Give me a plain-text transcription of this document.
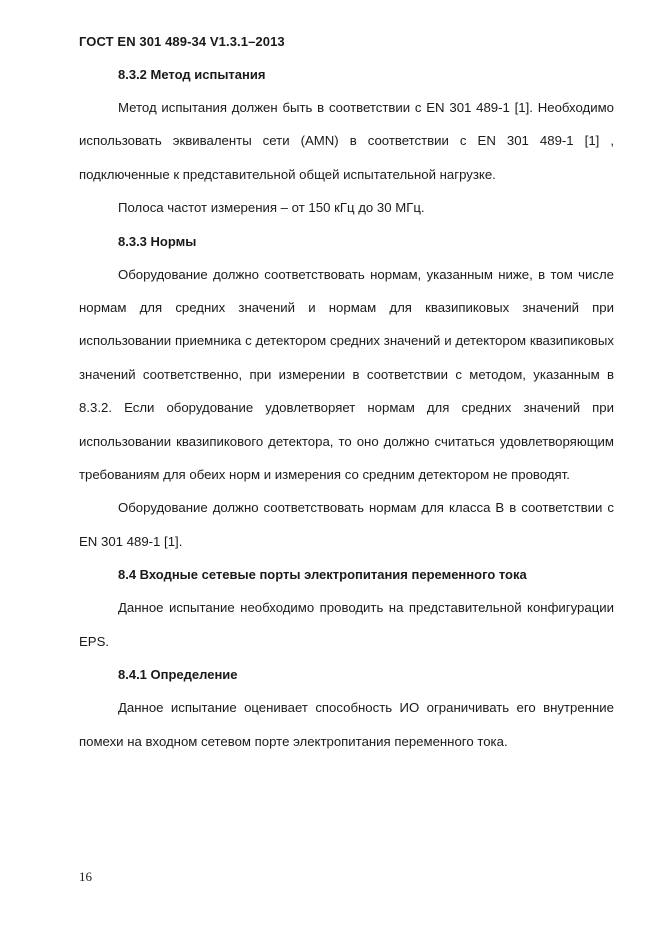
ГОСТ EN 301 489-34 V1.3.1–2013
8.3.2 Метод испытания

Метод испытания должен быть в соответствии с EN 301 489-1 [1]. Необходимо использовать эквиваленты сети (AMN) в соответствии с EN 301 489-1 [1] , подключенные к представительной общей испытательной нагрузке.

Полоса частот измерения – от 150 кГц до 30 МГц.

8.3.3 Нормы

Оборудование должно соответствовать нормам, указанным ниже, в том числе нормам для средних значений и нормам для квазипиковых значений при использовании приемника с детектором средних значений и детектором квазипиковых значений соответственно, при измерении в соответствии с методом, указанным в 8.3.2. Если оборудование удовлетворяет нормам для средних значений при использовании квазипикового детектора, то оно должно считаться удовлетворяющим требованиям для обеих норм и измерения со средним детектором не проводят.

Оборудование должно соответствовать нормам для класса B в соответствии с EN 301 489-1 [1].

8.4 Входные сетевые порты электропитания переменного тока

Данное испытание необходимо проводить на представительной конфигурации EPS.

8.4.1 Определение

Данное испытание оценивает способность ИО ограничивать его внутренние помехи на входном сетевом порте электропитания переменного тока.

16
